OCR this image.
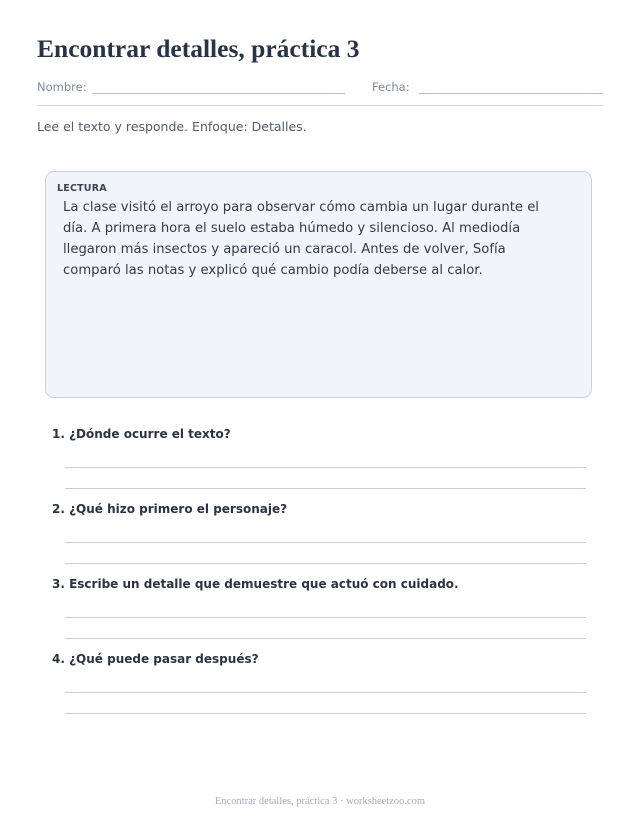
Encontrar detalles, práctica 3
Nombre:	Fecha:
Lee el texto y responde. Enfoque: Detalles.
LECTURA

La clase visitó el arroyo para observar cómo cambia un lugar durante el día. A primera hora el suelo estaba húmedo y silencioso. Al mediodía llegaron más insectos y apareció un caracol. Antes de volver, Sofía comparó las notas y explicó qué cambio podía deberse al calor.

1. ¿Dónde ocurre el texto?
2. ¿Qué hizo primero el personaje?
3. Escribe un detalle que demuestre que actuó con cuidado.
4. ¿Qué puede pasar después?
Encontrar detalles, práctica 3 · worksheetzoo.com
